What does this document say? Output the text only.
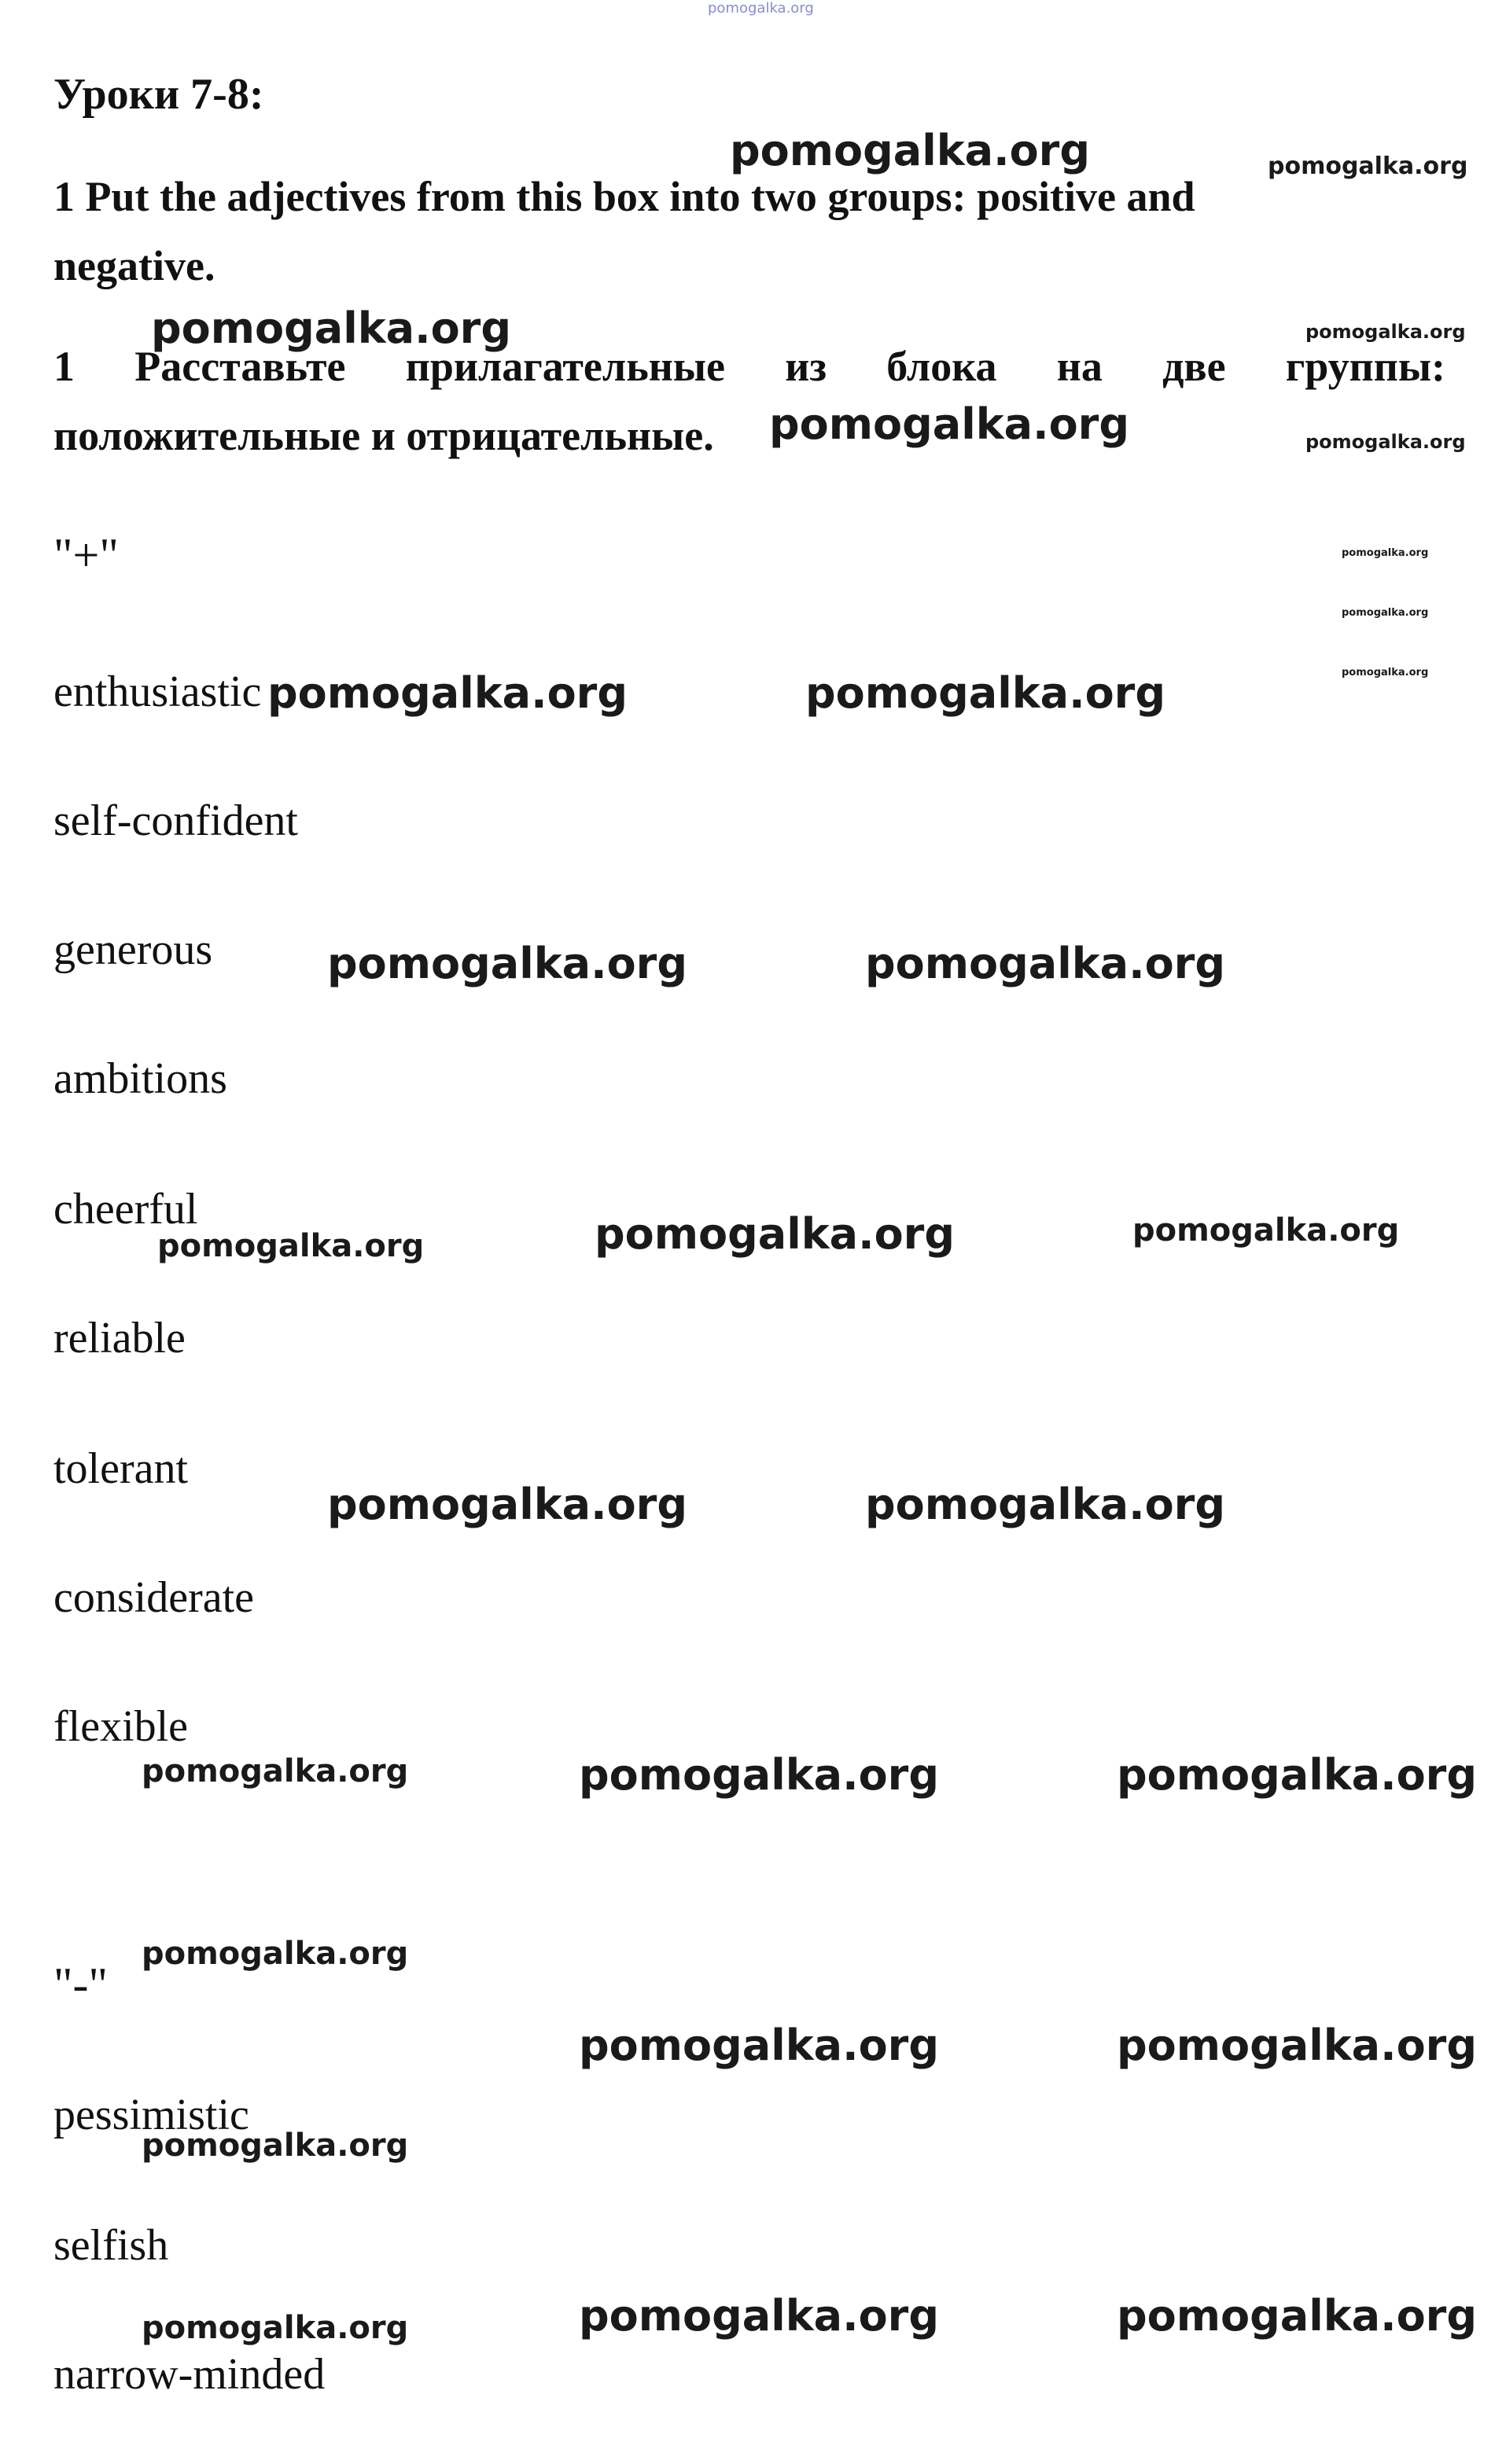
pomogalka.org
Уроки 7-8:
1 Put the adjectives from this box into two groups: positive and
negative.
1 Расставьте прилагательные из блока на две группы:
положительные и отрицательные.
"+"
enthusiastic
self-confident
generous
ambitions
cheerful
reliable
tolerant
considerate
flexible
"-"
pessimistic
selfish
narrow-minded
pomogalka.org	pomogalka.org
pomogalka.org	pomogalka.org
pomogalka.org	pomogalka.org
pomogalka.org
pomogalka.org
pomogalka.org
pomogalka.org	pomogalka.org
pomogalka.org	pomogalka.org
pomogalka.org	pomogalka.org	pomogalka.org
pomogalka.org	pomogalka.org
pomogalka.org	pomogalka.org	pomogalka.org
pomogalka.org
pomogalka.org	pomogalka.org
pomogalka.org
pomogalka.org	pomogalka.org	pomogalka.org
